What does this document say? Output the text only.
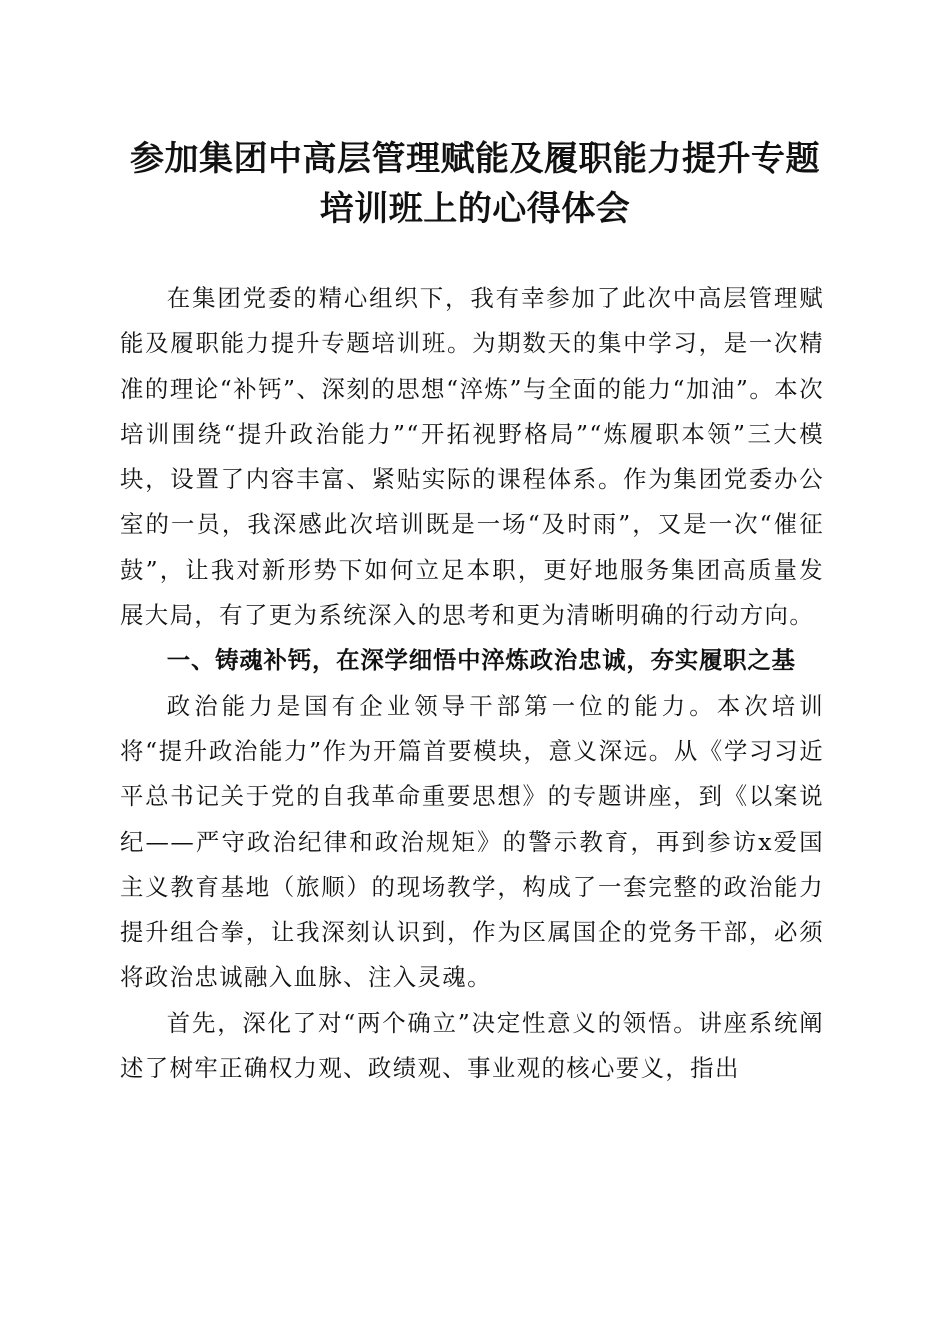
参加集团中高层管理赋能及履职能力提升专题
培训班上的心得体会

在集团党委的精心组织下，我有幸参加了此次中高层管理赋能及履职能力提升专题培训班。为期数天的集中学习，是一次精准的理论“补钙”、深刻的思想“淬炼”与全面的能力“加油”。本次培训围绕“提升政治能力”“开拓视野格局”“炼履职本领”三大模块，设置了内容丰富、紧贴实际的课程体系。作为集团党委办公室的一员，我深感此次培训既是一场“及时雨”，又是一次“催征鼓”，让我对新形势下如何立足本职，更好地服务集团高质量发展大局，有了更为系统深入的思考和更为清晰明确的行动方向。

一、铸魂补钙，在深学细悟中淬炼政治忠诚，夯实履职之基

政治能力是国有企业领导干部第一位的能力。本次培训将“提升政治能力”作为开篇首要模块，意义深远。从《学习习近平总书记关于党的自我革命重要思想》的专题讲座，到《以案说纪——严守政治纪律和政治规矩》的警示教育，再到参访x爱国主义教育基地（旅顺）的现场教学，构成了一套完整的政治能力提升组合拳，让我深刻认识到，作为区属国企的党务干部，必须将政治忠诚融入血脉、注入灵魂。

首先，深化了对“两个确立”决定性意义的领悟。讲座系统阐述了树牢正确权力观、政绩观、事业观的核心要义，指出
